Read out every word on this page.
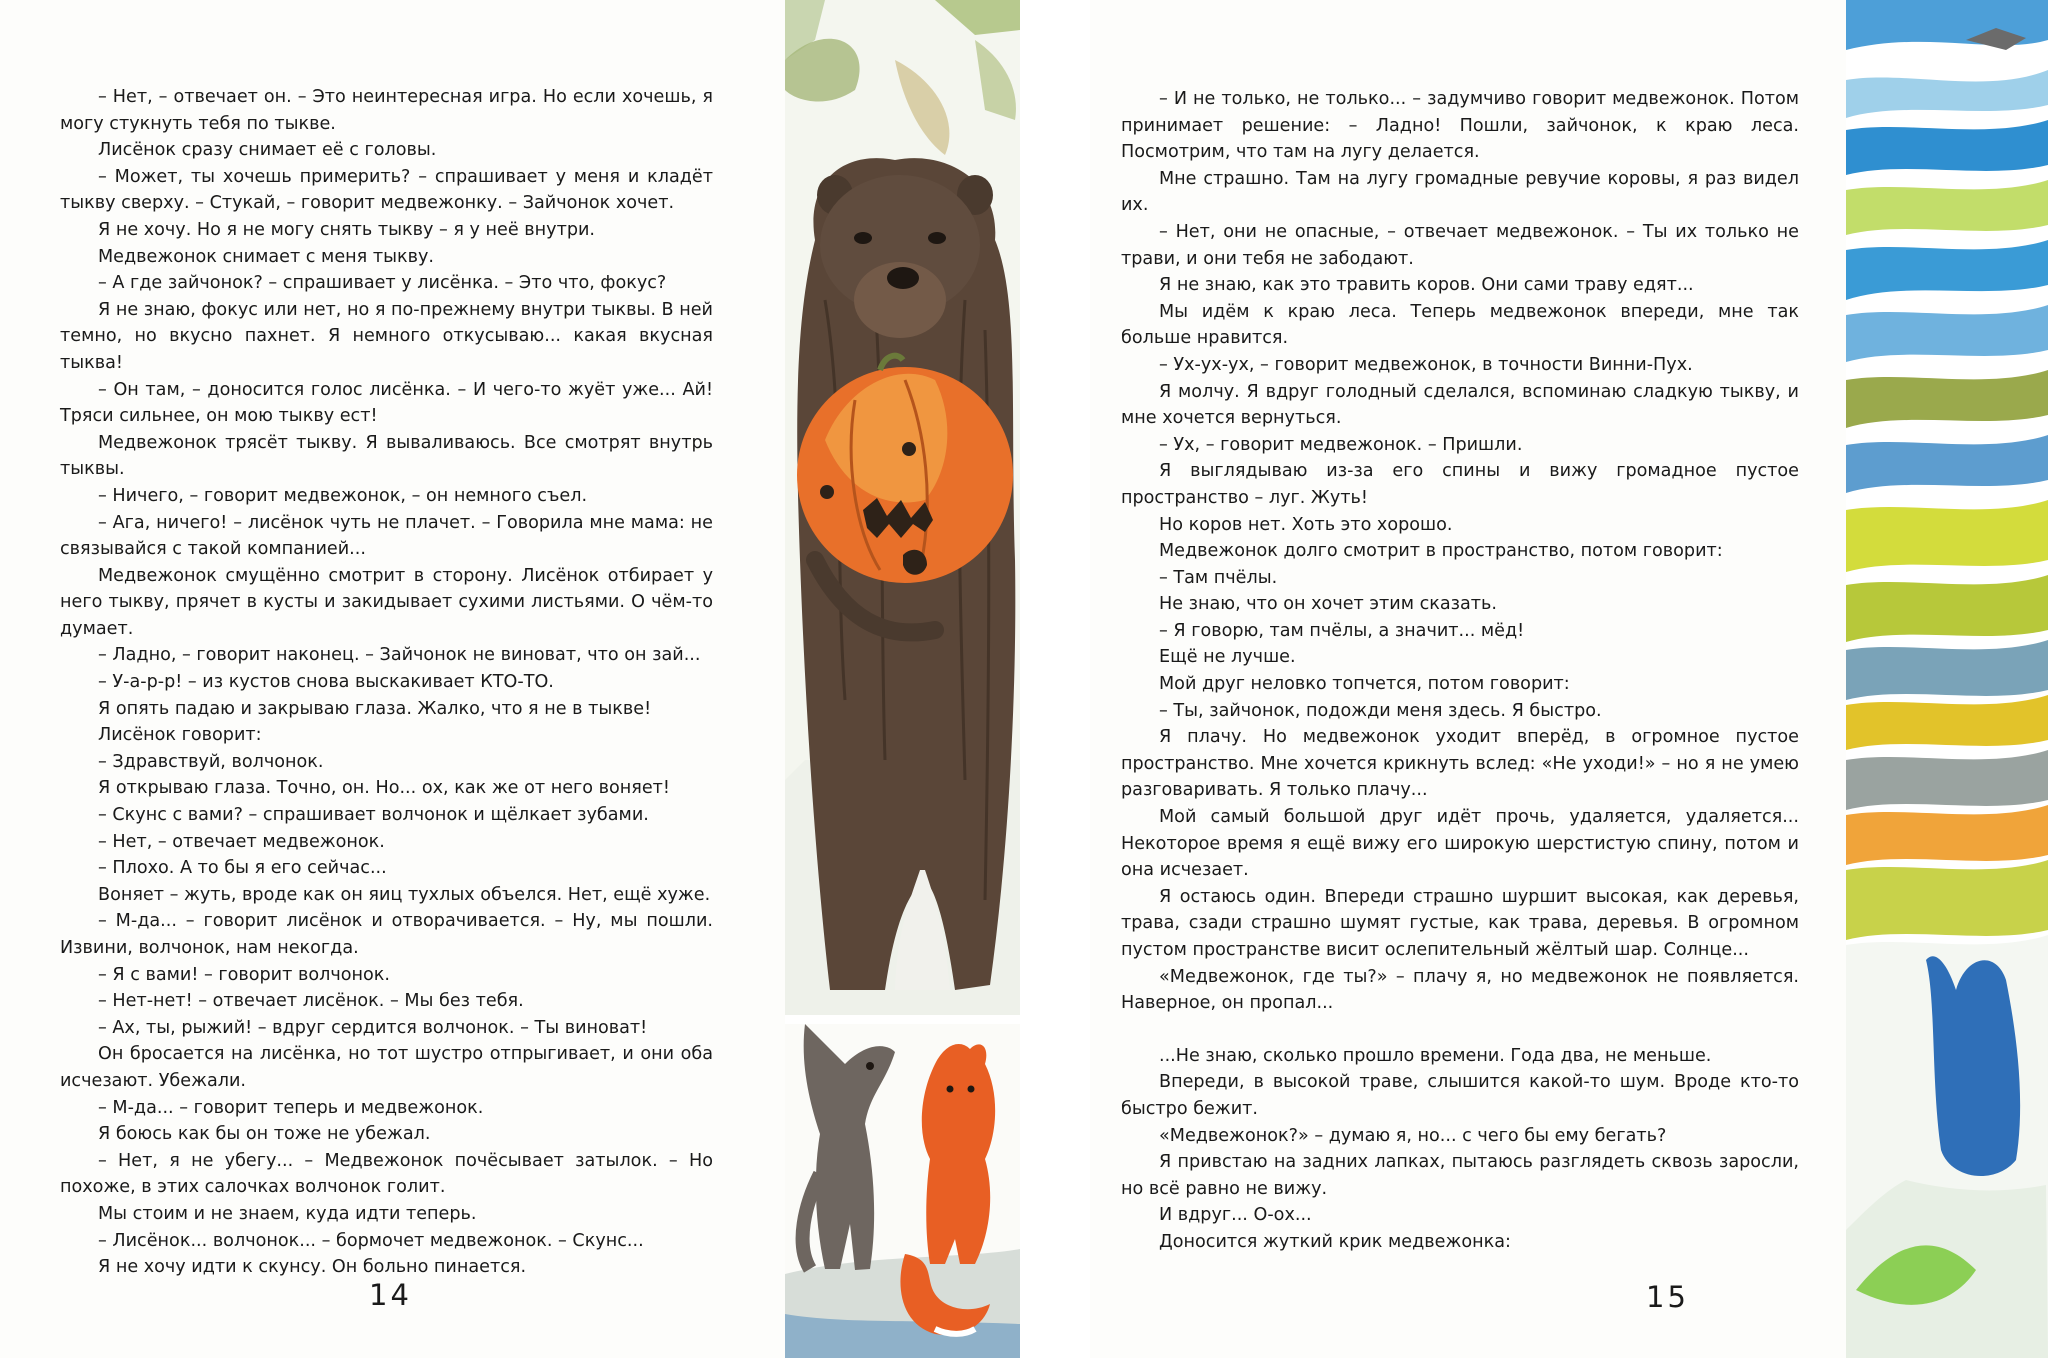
– Нет, – отвечает он. – Это неинтересная игра. Но если хочешь, я могу стукнуть тебя по тыкве.

Лисёнок сразу снимает её с головы.

– Может, ты хочешь примерить? – спрашивает у меня и кладёт тыкву сверху. – Стукай, – говорит медвежонку. – Зайчонок хочет.

Я не хочу. Но я не могу снять тыкву – я у неё внутри.

Медвежонок снимает с меня тыкву.

– А где зайчонок? – спрашивает у лисёнка. – Это что, фокус?

Я не знаю, фокус или нет, но я по-прежнему внутри тыквы. В ней темно, но вкусно пахнет. Я немного откусываю... какая вкусная тыква!

– Он там, – доносится голос лисёнка. – И чего-то жуёт уже... Ай! Тряси сильнее, он мою тыкву ест!

Медвежонок трясёт тыкву. Я вываливаюсь. Все смотрят внутрь тыквы.

– Ничего, – говорит медвежонок, – он немного съел.

– Ага, ничего! – лисёнок чуть не плачет. – Говорила мне мама: не связывайся с такой компанией...

Медвежонок смущённо смотрит в сторону. Лисёнок отбирает у него тыкву, прячет в кусты и закидывает сухими листьями. О чём-то думает.

– Ладно, – говорит наконец. – Зайчонок не виноват, что он зай...

– У-а-р-р! – из кустов снова выскакивает КТО-ТО.

Я опять падаю и закрываю глаза. Жалко, что я не в тыкве!

Лисёнок говорит:

– Здравствуй, волчонок.

Я открываю глаза. Точно, он. Но... ох, как же от него воняет!

– Скунс с вами? – спрашивает волчонок и щёлкает зубами.

– Нет, – отвечает медвежонок.

– Плохо. А то бы я его сейчас...

Воняет – жуть, вроде как он яиц тухлых объелся. Нет, ещё хуже.

– М-да... – говорит лисёнок и отворачивается. – Ну, мы пошли. Извини, волчонок, нам некогда.

– Я с вами! – говорит волчонок.

– Нет-нет! – отвечает лисёнок. – Мы без тебя.

– Ах, ты, рыжий! – вдруг сердится волчонок. – Ты виноват!

Он бросается на лисёнка, но тот шустро отпрыгивает, и они оба исчезают. Убежали.

– М-да... – говорит теперь и медвежонок.

Я боюсь как бы он тоже не убежал.

– Нет, я не убегу... – Медвежонок почёсывает затылок. – Но похоже, в этих салочках волчонок голит.

Мы стоим и не знаем, куда идти теперь.

– Лисёнок... волчонок... – бормочет медвежонок. – Скунс...

Я не хочу идти к скунсу. Он больно пинается.

14

– И не только, не только... – задумчиво говорит медвежонок. Потом принимает решение: – Ладно! Пошли, зайчонок, к краю леса. Посмотрим, что там на лугу делается.

Мне страшно. Там на лугу громадные ревучие коровы, я раз видел их.

– Нет, они не опасные, – отвечает медвежонок. – Ты их только не трави, и они тебя не забодают.

Я не знаю, как это травить коров. Они сами траву едят...

Мы идём к краю леса. Теперь медвежонок впереди, мне так больше нравится.

– Ух-ух-ух, – говорит медвежонок, в точности Винни-Пух.

Я молчу. Я вдруг голодный сделался, вспоминаю сладкую тыкву, и мне хочется вернуться.

– Ух, – говорит медвежонок. – Пришли.

Я выглядываю из-за его спины и вижу громадное пустое пространство – луг. Жуть!

Но коров нет. Хоть это хорошо.

Медвежонок долго смотрит в пространство, потом говорит:

– Там пчёлы.

Не знаю, что он хочет этим сказать.

– Я говорю, там пчёлы, а значит... мёд!

Ещё не лучше.

Мой друг неловко топчется, потом говорит:

– Ты, зайчонок, подожди меня здесь. Я быстро.

Я плачу. Но медвежонок уходит вперёд, в огромное пустое пространство. Мне хочется крикнуть вслед: «Не уходи!» – но я не умею разговаривать. Я только плачу...

Мой самый большой друг идёт прочь, удаляется, удаляется... Некоторое время я ещё вижу его широкую шерстистую спину, потом и она исчезает.

Я остаюсь один. Впереди страшно шуршит высокая, как деревья, трава, сзади страшно шумят густые, как трава, деревья. В огромном пустом пространстве висит ослепительный жёлтый шар. Солнце...

«Медвежонок, где ты?» – плачу я, но медвежонок не появляется. Наверное, он пропал...

...Не знаю, сколько прошло времени. Года два, не меньше.

Впереди, в высокой траве, слышится какой-то шум. Вроде кто-то быстро бежит.

«Медвежонок?» – думаю я, но... с чего бы ему бегать?

Я привстаю на задних лапках, пытаюсь разглядеть сквозь заросли, но всё равно не вижу.

И вдруг... О-ох...

Доносится жуткий крик медвежонка:

15
